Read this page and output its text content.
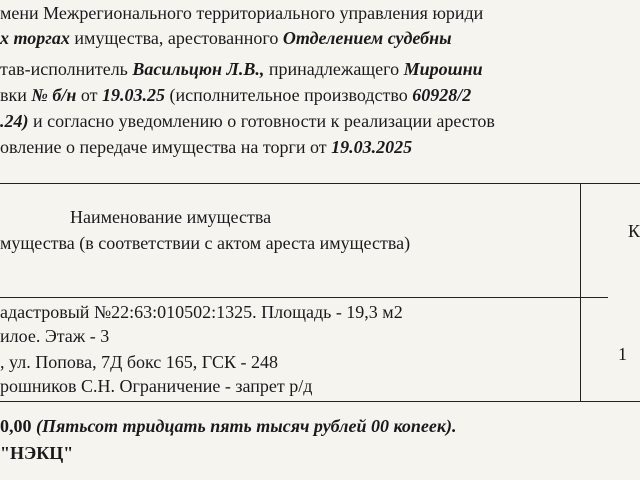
мени Межрегионального территориального управления юриди
х торгах имущества, арестованного Отделением судебны
тав-исполнитель Васильцюн Л.В., принадлежащего Мирошни
вки № б/н от 19.03.25 (исполнительное производство 60928/2
.24) и согласно уведомлению о готовности к реализации арестов
овление о передаче имущества на торги от 19.03.2025
Наименование имущества
мущества (в соответствии с актом ареста имущества)
К
адастровый №22:63:010502:1325. Площадь - 19,3 м2
илое. Этаж - 3
, ул. Попова, 7Д бокс 165, ГСК - 248
рошников С.Н. Ограничение - запрет р/д
1
0,00 (Пятьсот тридцать пять тысяч рублей 00 копеек).
"НЭКЦ"
